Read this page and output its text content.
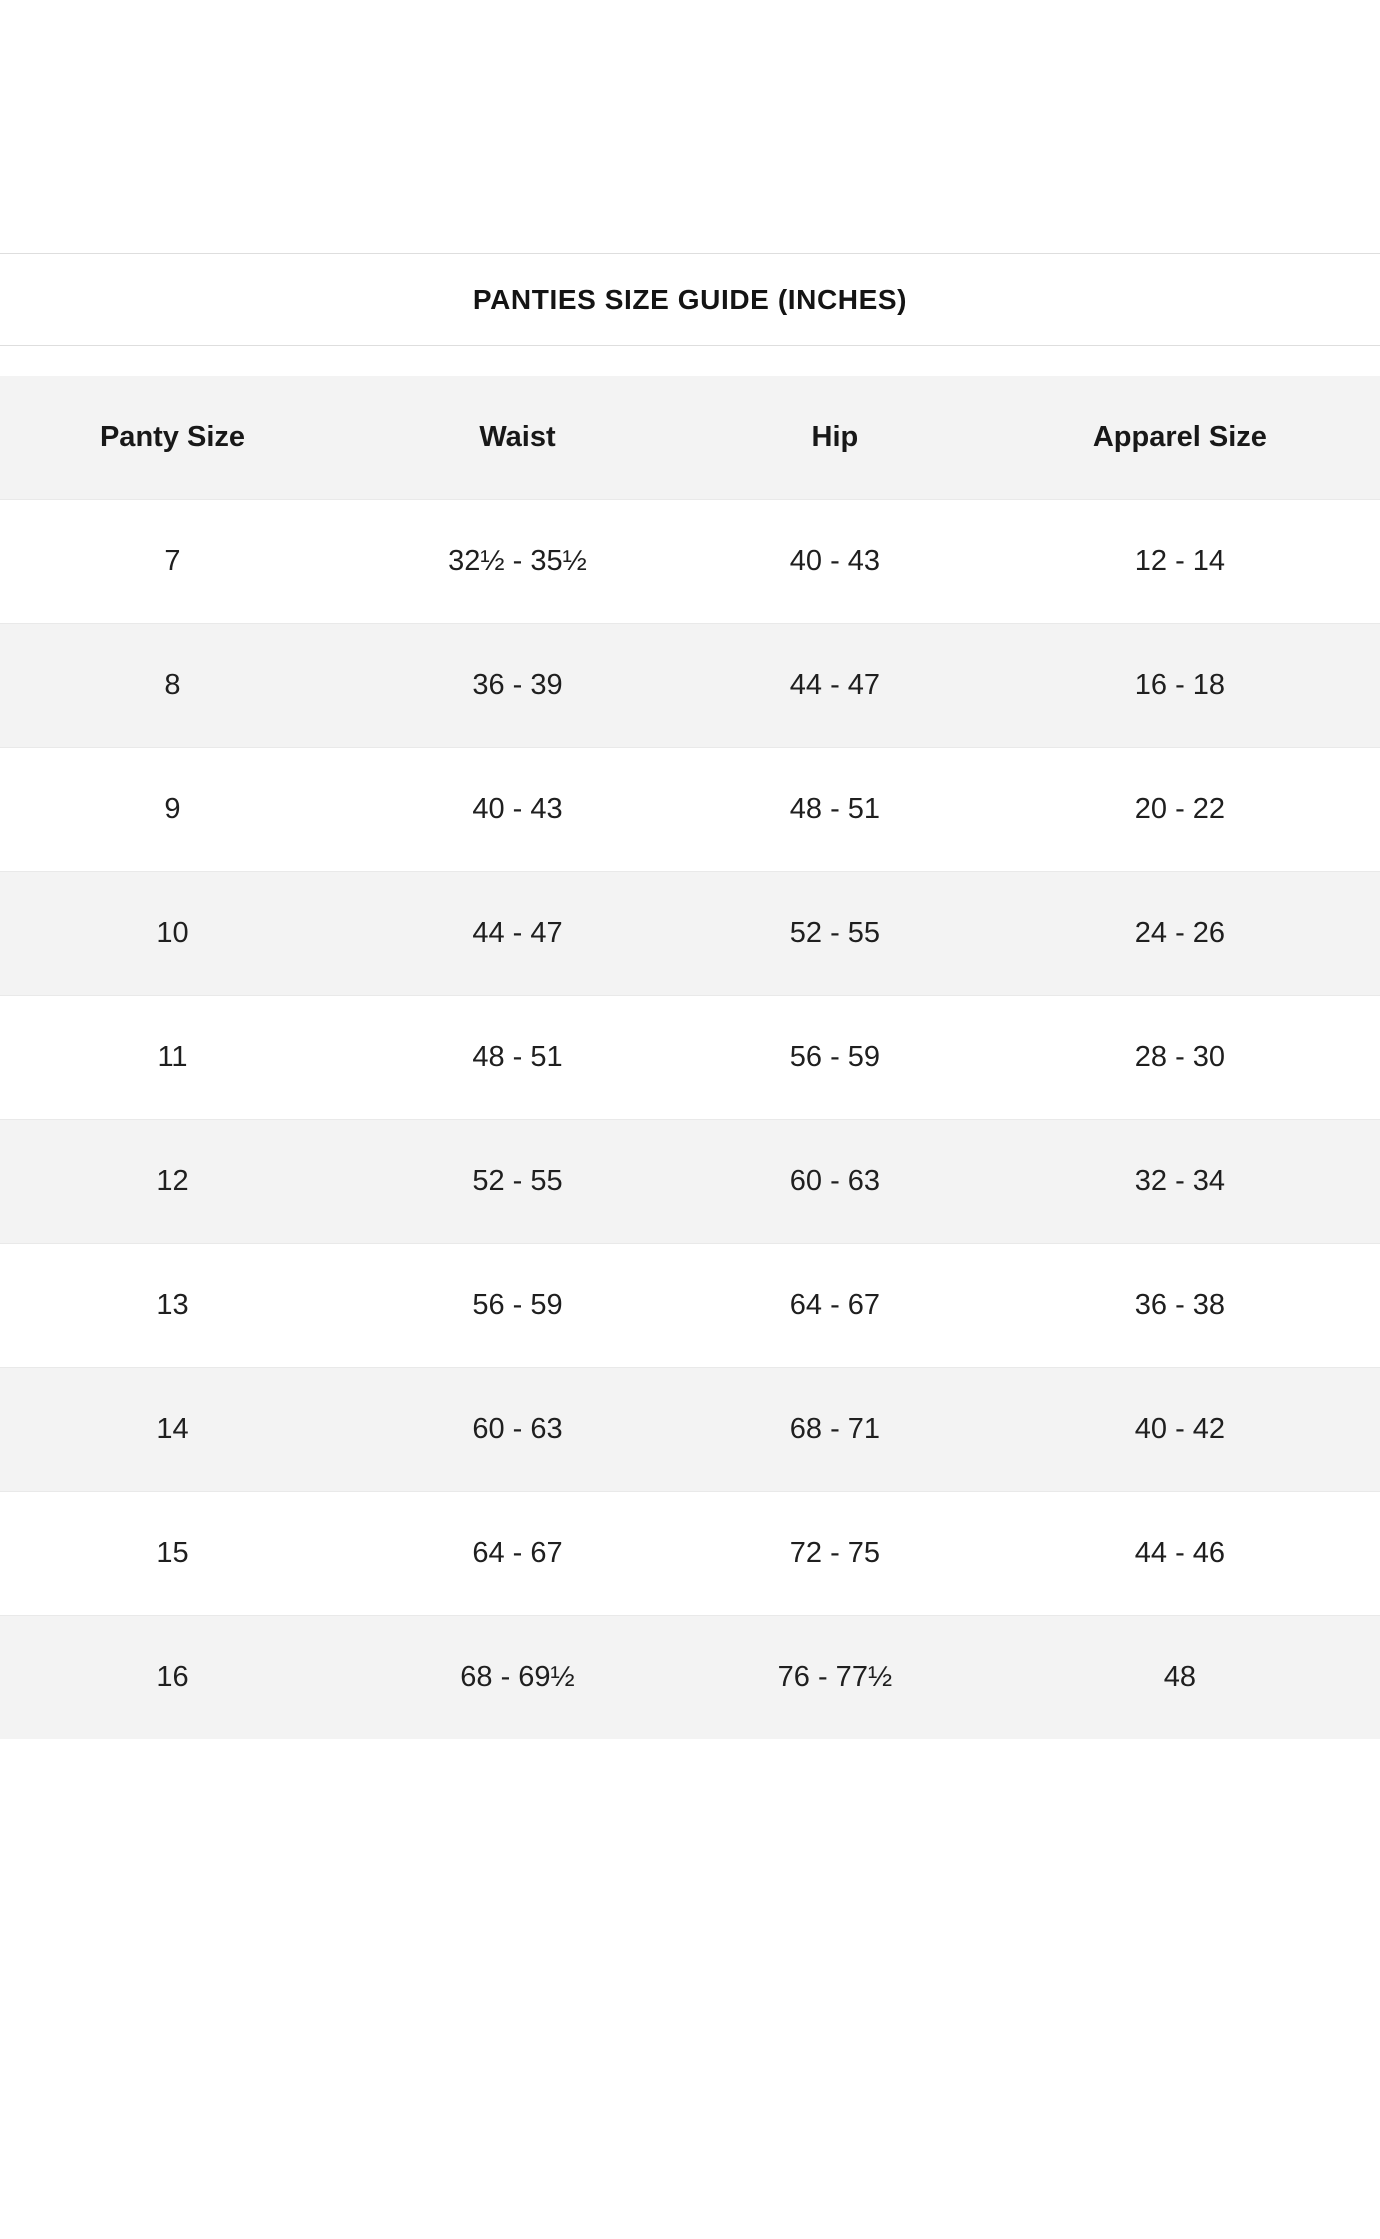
PANTIES SIZE GUIDE (INCHES)
Panty Size	Waist	Hip	Apparel Size
7	32½ - 35½	40 - 43	12 - 14
8	36 - 39	44 - 47	16 - 18
9	40 - 43	48 - 51	20 - 22
10	44 - 47	52 - 55	24 - 26
11	48 - 51	56 - 59	28 - 30
12	52 - 55	60 - 63	32 - 34
13	56 - 59	64 - 67	36 - 38
14	60 - 63	68 - 71	40 - 42
15	64 - 67	72 - 75	44 - 46
16	68 - 69½	76 - 77½	48
